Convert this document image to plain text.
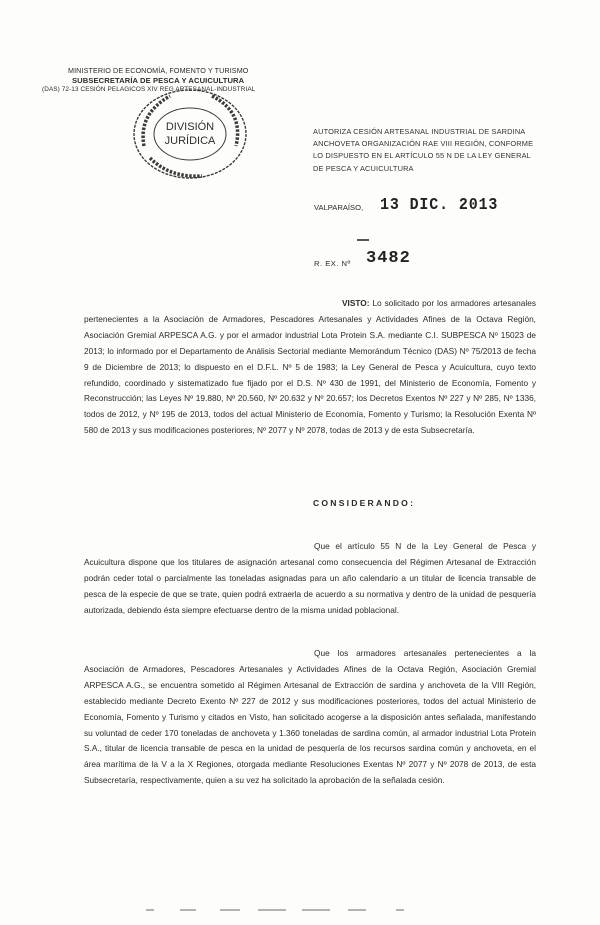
MINISTERIO DE ECONOMÍA, FOMENTO Y TURISMO
SUBSECRETARÍA DE PESCA Y ACUICULTURA
(DAS) 72-13 CESIÓN PELAGICOS XIV REG ARTESANAL-INDUSTRIAL
DIVISIÓN
JURÍDICA
AUTORIZA CESIÓN ARTESANAL INDUSTRIAL DE SARDINA
ANCHOVETA ORGANIZACIÓN RAE VIII REGIÓN, CONFORME
LO DISPUESTO EN EL ARTÍCULO 55 N DE LA LEY GENERAL
DE PESCA Y ACUICULTURA
VALPARAÍSO, 13 DIC. 2013
R. EX. Nº 3482
VISTO: Lo solicitado por los armadores artesanales pertenecientes a la Asociación de Armadores, Pescadores Artesanales y Actividades Afines de la Octava Región, Asociación Gremial ARPESCA A.G. y por el armador industrial Lota Protein S.A. mediante C.I. SUBPESCA Nº 15023 de 2013; lo informado por el Departamento de Análisis Sectorial mediante Memorándum Técnico (DAS) Nº 75/2013 de fecha 9 de Diciembre de 2013; lo dispuesto en el D.F.L. Nº 5 de 1983; la Ley General de Pesca y Acuicultura, cuyo texto refundido, coordinado y sistematizado fue fijado por el D.S. Nº 430 de 1991, del Ministerio de Economía, Fomento y Reconstrucción; las Leyes Nº 19.880, Nº 20.560, Nº 20.632 y Nº 20.657; los Decretos Exentos Nº 227 y Nº 285, Nº 1336, todos de 2012, y Nº 195 de 2013, todos del actual Ministerio de Economía, Fomento y Turismo; la Resolución Exenta Nº 580 de 2013 y sus modificaciones posteriores, Nº 2077 y Nº 2078, todas de 2013 y de esta Subsecretaría.
CONSIDERANDO:
Que el artículo 55 N de la Ley General de Pesca y Acuicultura dispone que los titulares de asignación artesanal como consecuencia del Régimen Artesanal de Extracción podrán ceder total o parcialmente las toneladas asignadas para un año calendario a un titular de licencia transable de pesca de la especie de que se trate, quien podrá extraerla de acuerdo a su normativa y dentro de la unidad de pesquería autorizada, debiendo ésta siempre efectuarse dentro de la misma unidad poblacional.
Que los armadores artesanales pertenecientes a la Asociación de Armadores, Pescadores Artesanales y Actividades Afines de la Octava Región, Asociación Gremial ARPESCA A.G., se encuentra sometido al Régimen Artesanal de Extracción de sardina y anchoveta de la VIII Región, establecido mediante Decreto Exento Nº 227 de 2012 y sus modificaciones posteriores, todos del actual Ministerio de Economía, Fomento y Turismo y citados en Visto, han solicitado acogerse a la disposición antes señalada, manifestando su voluntad de ceder 170 toneladas de anchoveta y 1.360 toneladas de sardina común, al armador industrial Lota Protein S.A., titular de licencia transable de pesca en la unidad de pesquería de los recursos sardina común y anchoveta, en el área marítima de la V a la X Regiones, otorgada mediante Resoluciones Exentas Nº 2077 y Nº 2078 de 2013, de esta Subsecretaría, respectivamente, quien a su vez ha solicitado la aprobación de la señalada cesión.
